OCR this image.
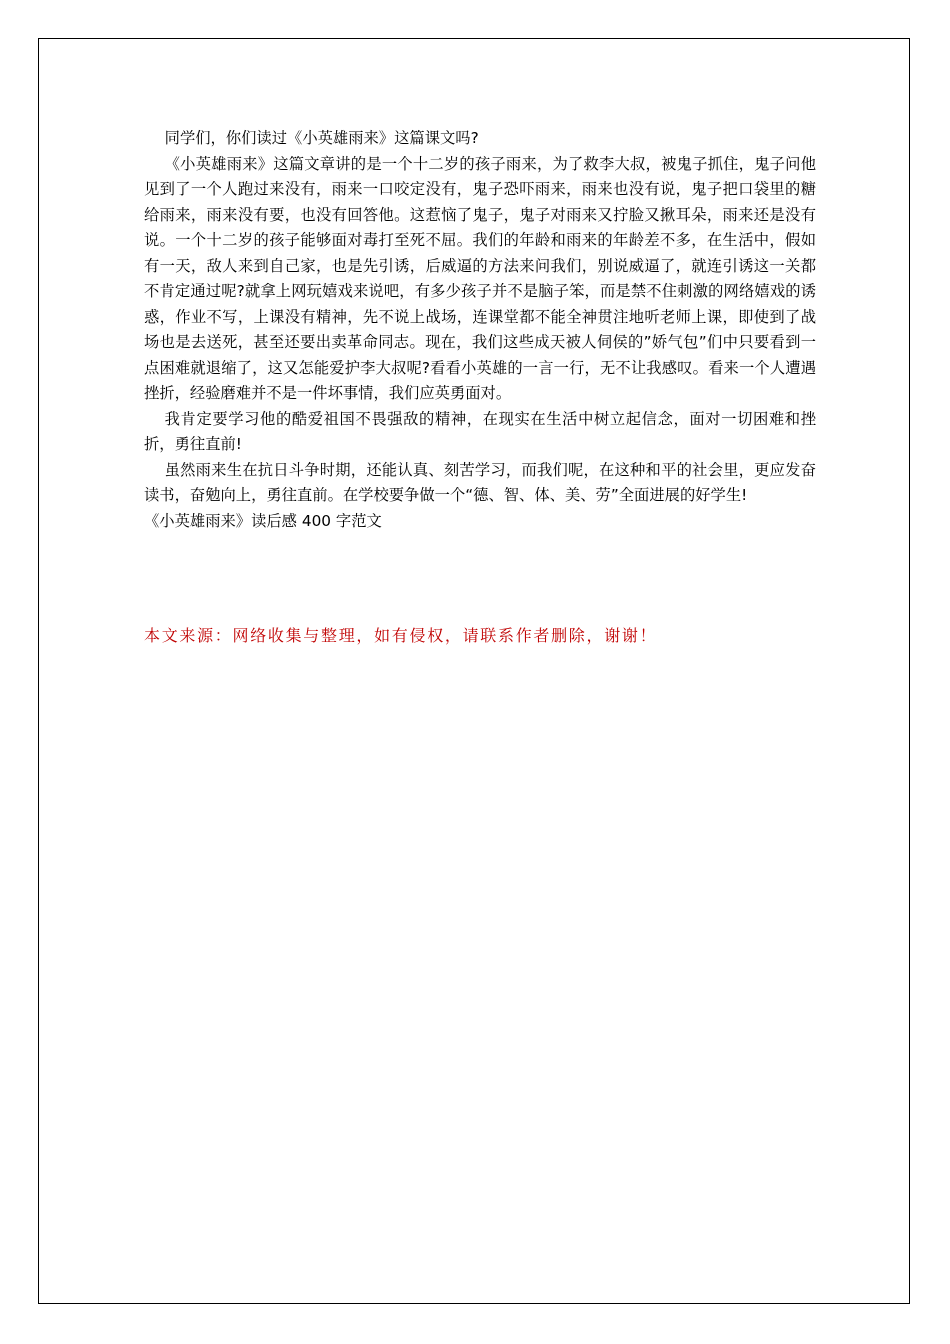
同学们，你们读过《小英雄雨来》这篇课文吗?

《小英雄雨来》这篇文章讲的是一个十二岁的孩子雨来，为了救李大叔，被鬼子抓住，鬼子问他见到了一个人跑过来没有，雨来一口咬定没有，鬼子恐吓雨来，雨来也没有说，鬼子把口袋里的糖给雨来，雨来没有要，也没有回答他。这惹恼了鬼子，鬼子对雨来又拧脸又揪耳朵，雨来还是没有说。一个十二岁的孩子能够面对毒打至死不屈。我们的年龄和雨来的年龄差不多，在生活中，假如有一天，敌人来到自己家，也是先引诱，后威逼的方法来问我们，别说威逼了，就连引诱这一关都不肯定通过呢?就拿上网玩嬉戏来说吧，有多少孩子并不是脑子笨，而是禁不住刺激的网络嬉戏的诱惑，作业不写，上课没有精神，先不说上战场，连课堂都不能全神贯注地听老师上课，即使到了战场也是去送死，甚至还要出卖革命同志。现在，我们这些成天被人伺侯的”娇气包”们中只要看到一点困难就退缩了，这又怎能爱护李大叔呢?看看小英雄的一言一行，无不让我感叹。看来一个人遭遇挫折，经验磨难并不是一件坏事情，我们应英勇面对。

我肯定要学习他的酷爱祖国不畏强敌的精神，在现实在生活中树立起信念，面对一切困难和挫折，勇往直前!

虽然雨来生在抗日斗争时期，还能认真、刻苦学习，而我们呢，在这种和平的社会里，更应发奋读书，奋勉向上，勇往直前。在学校要争做一个“德、智、体、美、劳”全面进展的好学生!

《小英雄雨来》读后感 400 字范文

本文来源：网络收集与整理，如有侵权，请联系作者删除，谢谢！
